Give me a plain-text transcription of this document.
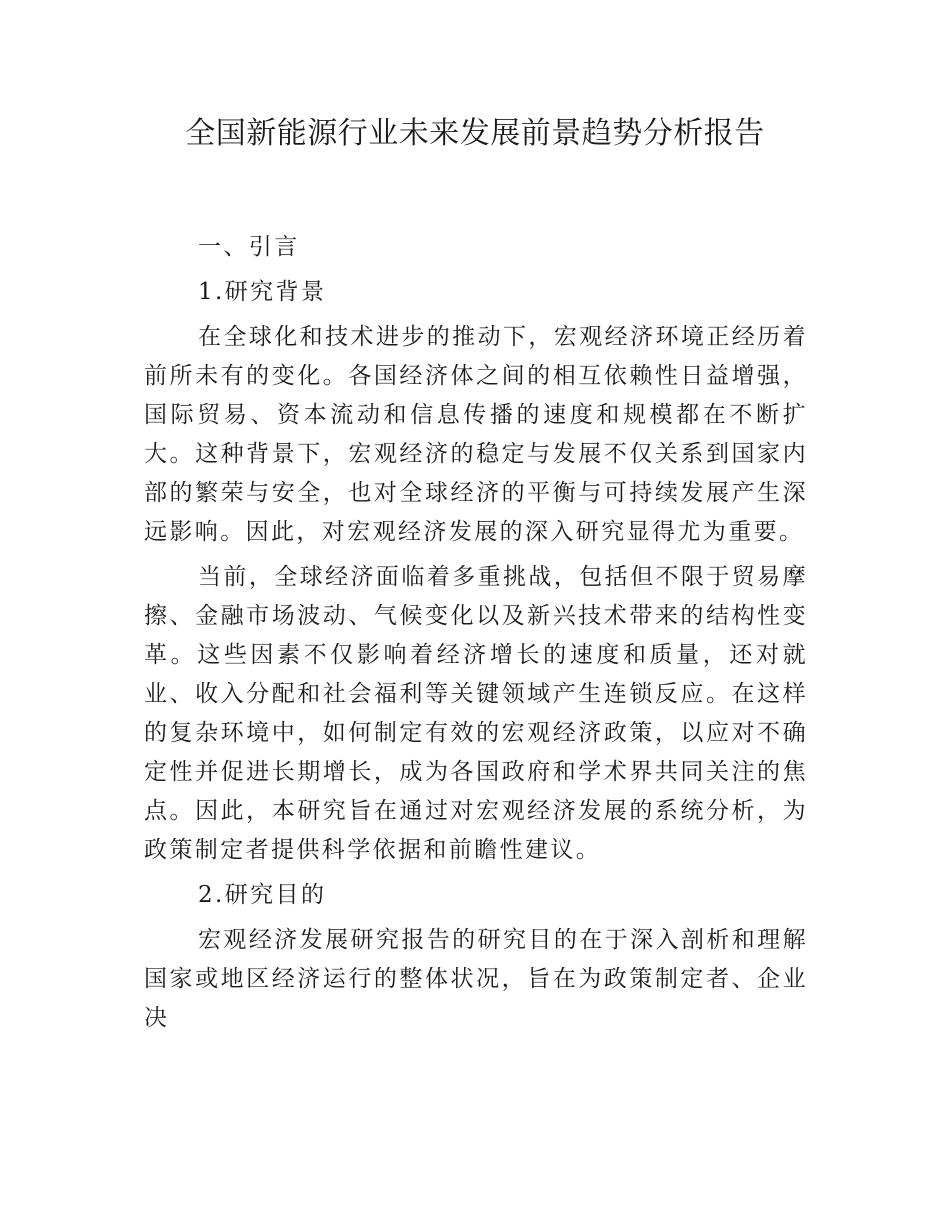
全国新能源行业未来发展前景趋势分析报告
一、引言
1.研究背景

在全球化和技术进步的推动下，宏观经济环境正经历着前所未有的变化。各国经济体之间的相互依赖性日益增强，国际贸易、资本流动和信息传播的速度和规模都在不断扩大。这种背景下，宏观经济的稳定与发展不仅关系到国家内部的繁荣与安全，也对全球经济的平衡与可持续发展产生深远影响。因此，对宏观经济发展的深入研究显得尤为重要。

当前，全球经济面临着多重挑战，包括但不限于贸易摩擦、金融市场波动、气候变化以及新兴技术带来的结构性变革。这些因素不仅影响着经济增长的速度和质量，还对就业、收入分配和社会福利等关键领域产生连锁反应。在这样的复杂环境中，如何制定有效的宏观经济政策，以应对不确定性并促进长期增长，成为各国政府和学术界共同关注的焦点。因此，本研究旨在通过对宏观经济发展的系统分析，为政策制定者提供科学依据和前瞻性建议。

2.研究目的

宏观经济发展研究报告的研究目的在于深入剖析和理解国家或地区经济运行的整体状况，旨在为政策制定者、企业决
